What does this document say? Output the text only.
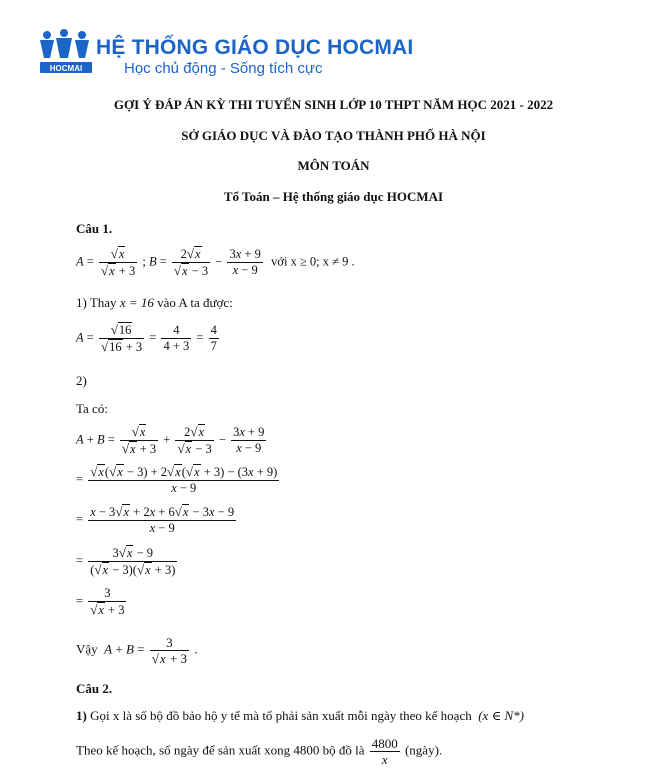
HOCMAI
HỆ THỐNG GIÁO DỤC HOCMAI
Học chủ động - Sống tích cực
GỢI Ý ĐÁP ÁN KỲ THI TUYỂN SINH LỚP 10 THPT NĂM HỌC 2021 - 2022
SỞ GIÁO DỤC VÀ ĐÀO TẠO THÀNH PHỐ HÀ NỘI
MÔN TOÁN
Tổ Toán – Hệ thống giáo dục HOCMAI
Câu 1.
$A = \frac{√x}{√x + 3}$ ; $B = \frac{2√x}{√x - 3} - \frac{3x + 9}{x - 9}$ với x ≥ 0; x ≠ 9 .
1) Thay x = 16 vào A ta được:
$A = \frac{√16}{√16 + 3} = \frac{4}{4 + 3} = \frac{4}{7}$
2)
Ta có:
$A + B = \frac{√x}{√x + 3} + \frac{2√x}{√x - 3} - \frac{3x + 9}{x - 9}$
= $\frac{√x(√x - 3) + 2√x(√x + 3) - (3x + 9)}{x - 9}$
= $\frac{x - 3√x + 2x + 6√x - 3x - 9}{x - 9}$
= $\frac{3√x - 9}{(√x - 3)(√x + 3)}$
= $\frac{3}{√x + 3}$
Vậy $A + B = \frac{3}{√x + 3}$ .
Câu 2.
1) Gọi x là số bộ đồ bảo hộ y tế mà tổ phải sản xuất mỗi ngày theo kế hoạch (x ∈ N*)
Theo kế hoạch, số ngày để sản xuất xong 4800 bộ đồ là $\frac{4800}{x}$ (ngày).
